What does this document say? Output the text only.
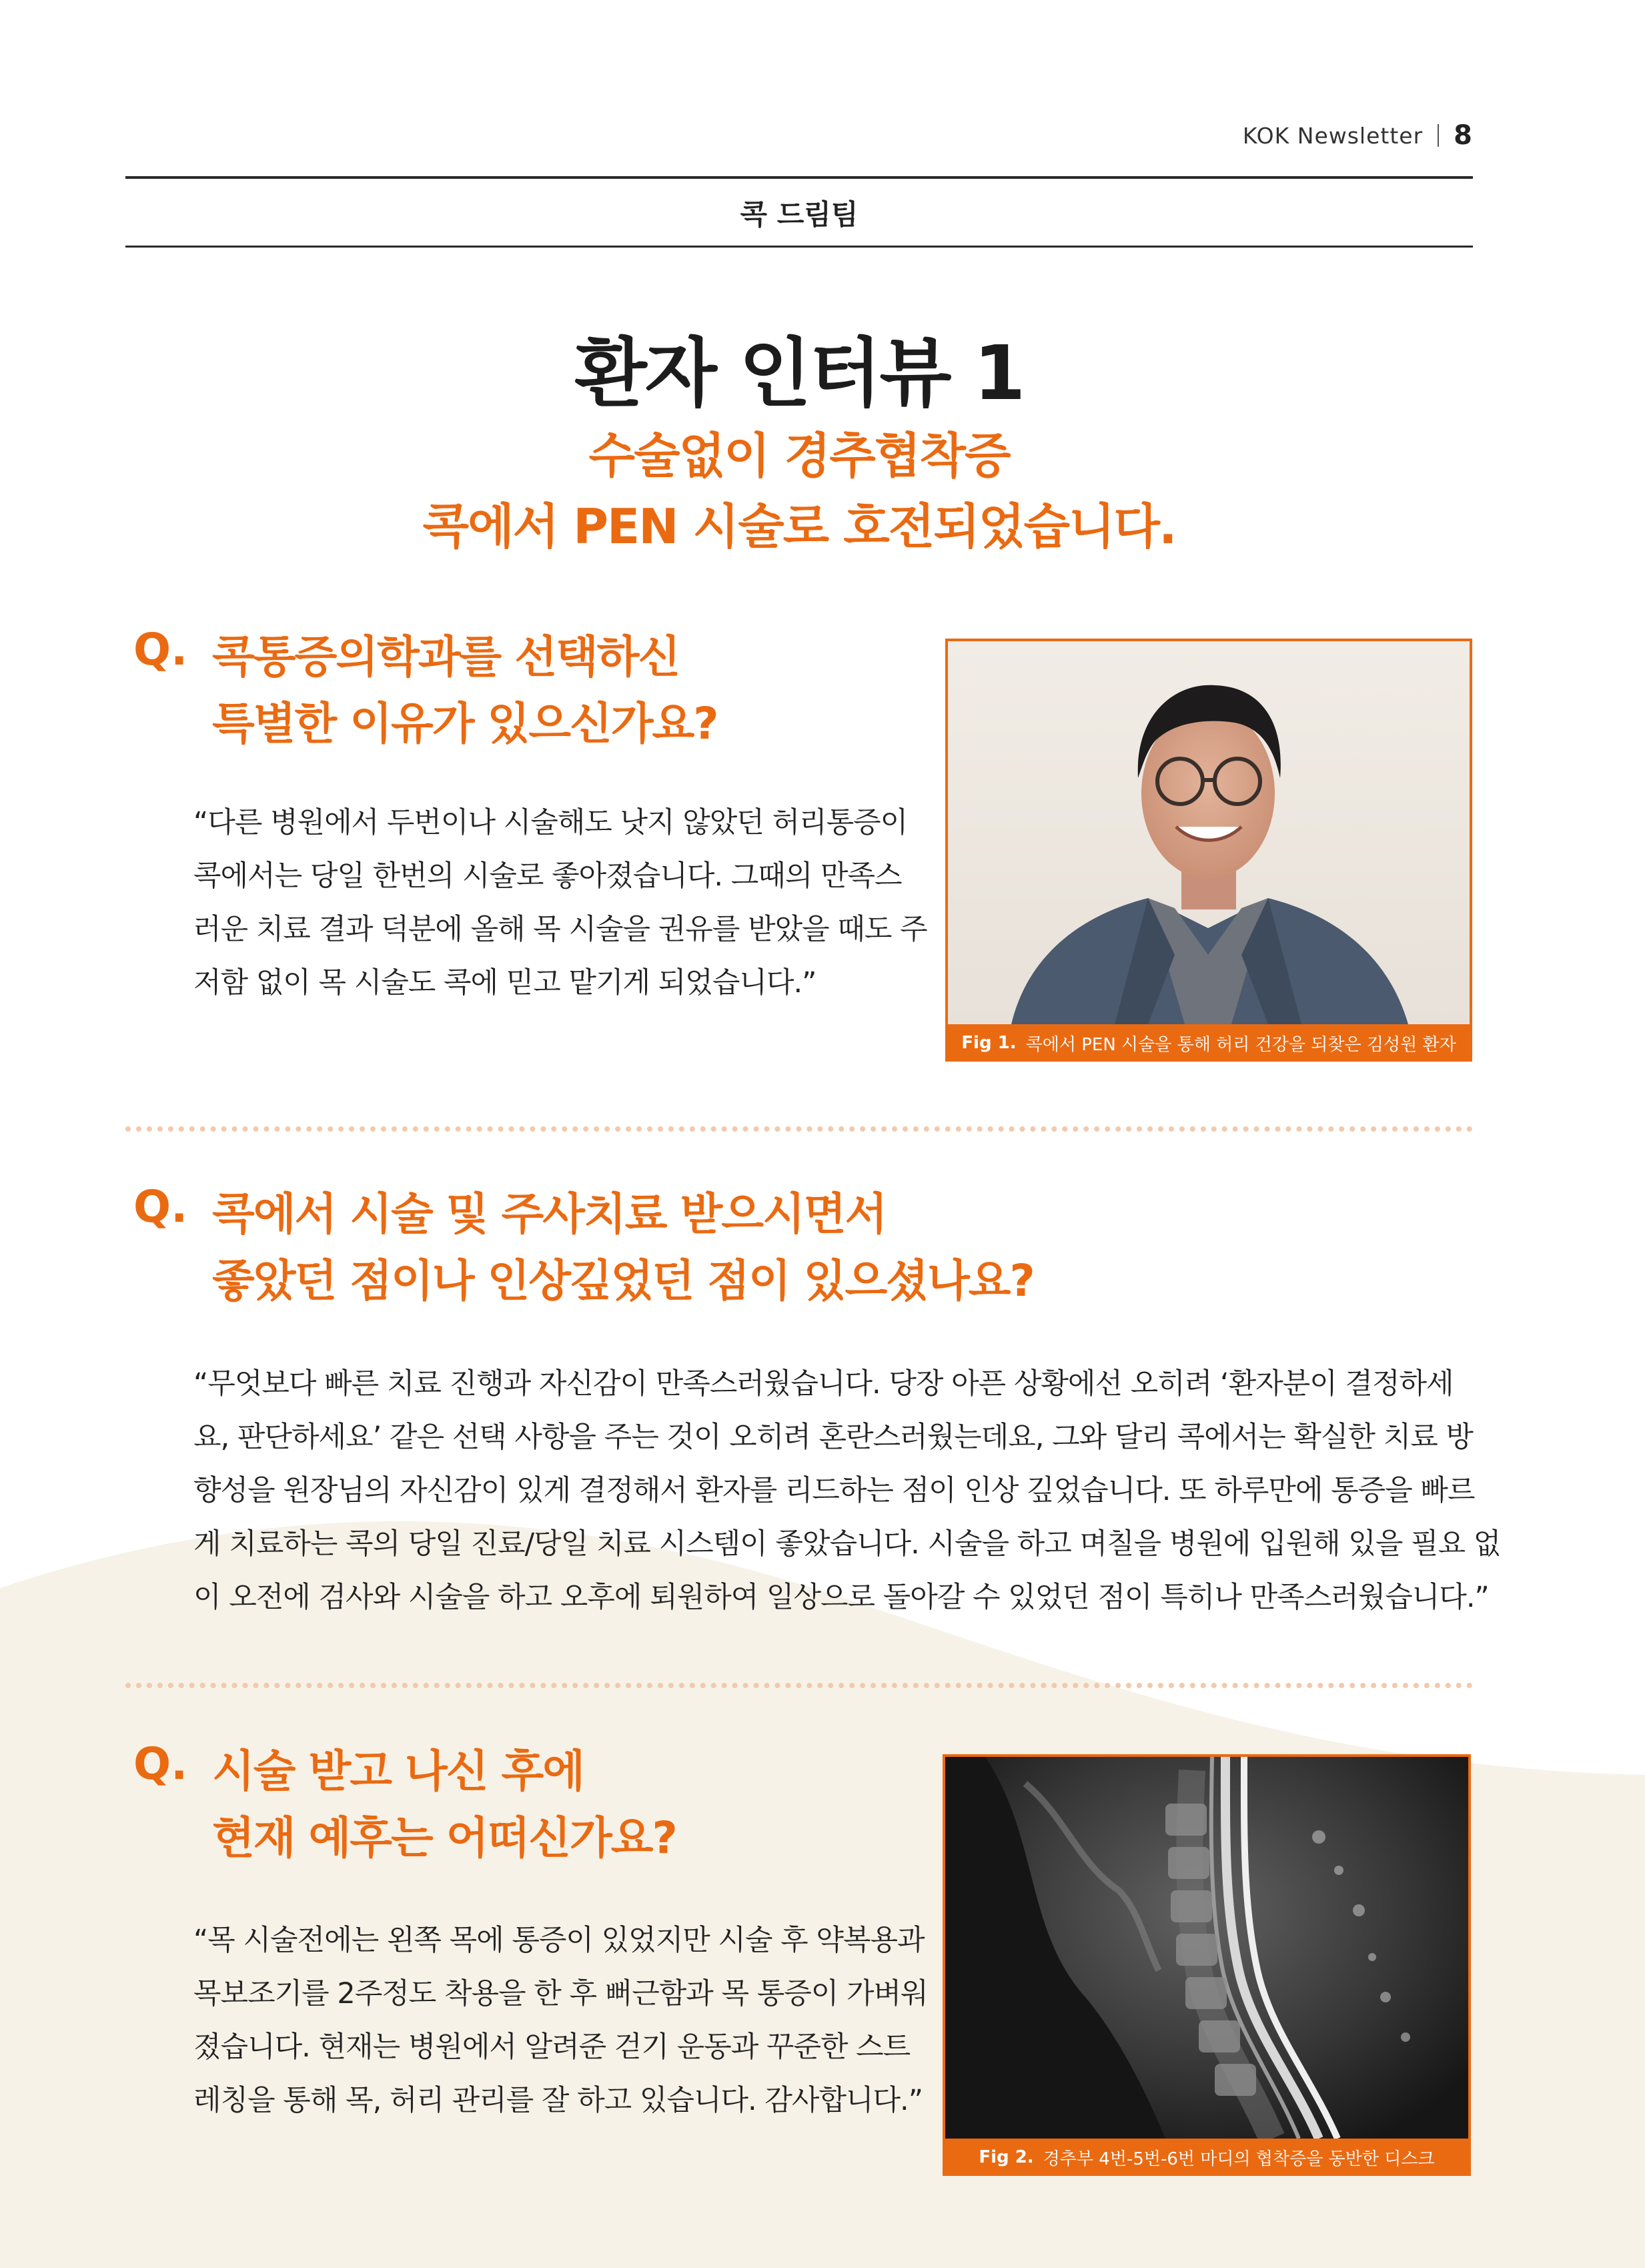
KOK Newsletter 8
콕 드림팀
환자 인터뷰 1
수술없이 경추협착증
콕에서 PEN 시술로 호전되었습니다.
Q. 콕통증의학과를 선택하신
특별한 이유가 있으신가요?
“다른 병원에서 두번이나 시술해도 낫지 않았던 허리통증이
콕에서는 당일 한번의 시술로 좋아졌습니다. 그때의 만족스
러운 치료 결과 덕분에 올해 목 시술을 권유를 받았을 때도 주
저함 없이 목 시술도 콕에 믿고 맡기게 되었습니다.”
Fig 1. 콕에서 PEN 시술을 통해 허리 건강을 되찾은 김성원 환자
Q. 콕에서 시술 및 주사치료 받으시면서
좋았던 점이나 인상깊었던 점이 있으셨나요?
“무엇보다 빠른 치료 진행과 자신감이 만족스러웠습니다. 당장 아픈 상황에선 오히려 ‘환자분이 결정하세
요, 판단하세요’ 같은 선택 사항을 주는 것이 오히려 혼란스러웠는데요, 그와 달리 콕에서는 확실한 치료 방
향성을 원장님의 자신감이 있게 결정해서 환자를 리드하는 점이 인상 깊었습니다. 또 하루만에 통증을 빠르
게 치료하는 콕의 당일 진료/당일 치료 시스템이 좋았습니다. 시술을 하고 며칠을 병원에 입원해 있을 필요 없
이 오전에 검사와 시술을 하고 오후에 퇴원하여 일상으로 돌아갈 수 있었던 점이 특히나 만족스러웠습니다.”
Q. 시술 받고 나신 후에
현재 예후는 어떠신가요?
“목 시술전에는 왼쪽 목에 통증이 있었지만 시술 후 약복용과
목보조기를 2주정도 착용을 한 후 뻐근함과 목 통증이 가벼워
졌습니다. 현재는 병원에서 알려준 걷기 운동과 꾸준한 스트
레칭을 통해 목, 허리 관리를 잘 하고 있습니다. 감사합니다.”
Fig 2. 경추부 4번-5번-6번 마디의 협착증을 동반한 디스크
